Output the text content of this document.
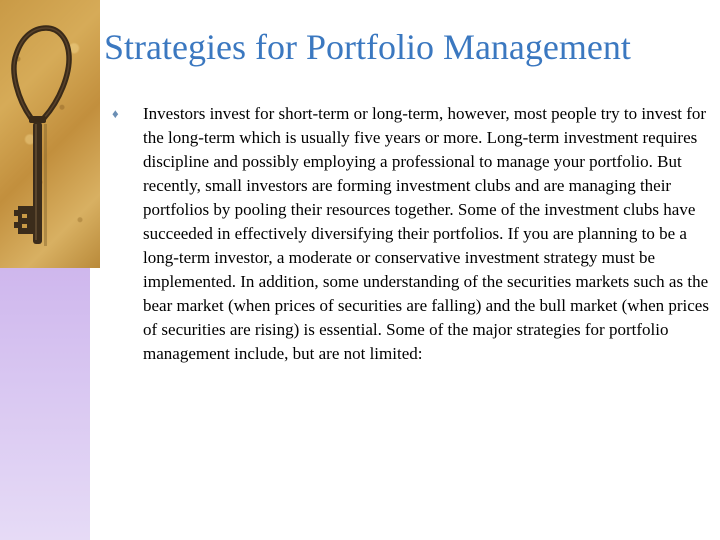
Strategies for Portfolio Management
♦ Investors invest for short-term or long-term, however, most people try to invest for the long-term which is usually five years or more. Long-term investment requires discipline and possibly employing a professional to manage your portfolio. But recently, small investors are forming investment clubs and are managing their portfolios by pooling their resources together. Some of the investment clubs have succeeded in effectively diversifying their portfolios. If you are planning to be a long-term investor, a moderate or conservative investment strategy must be implemented. In addition, some understanding of the securities markets such as the bear market (when prices of securities are falling) and the bull market (when prices of securities are rising) is essential. Some of the major strategies for portfolio management include, but are not limited:
